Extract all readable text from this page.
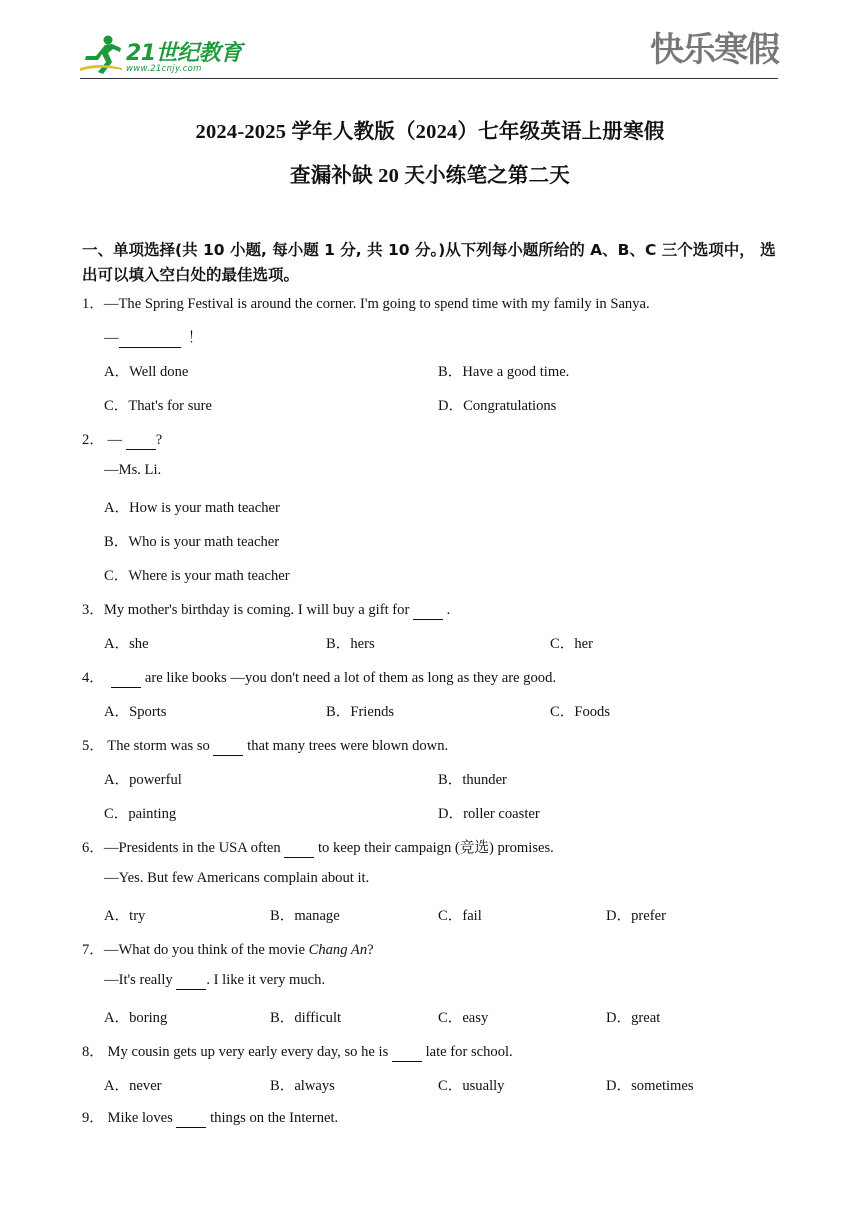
21世纪教育
www.21cnjy.com	快乐寒假
2024-2025 学年人教版（2024）七年级英语上册寒假
查漏补缺 20 天小练笔之第二天
一、单项选择(共 10 小题, 每小题 1 分, 共 10 分。)从下列每小题所给的 A、B、C 三个选项中， 选出可以填入空白处的最佳选项。
1．—The Spring Festival is around the corner. I'm going to spend time with my family in Sanya.
—	！
A．Well done	B．Have a good time.
C．That's for sure	D．Congratulations
2． — ?
—Ms. Li.
A．How is your math teacher
B．Who is your math teacher
C．Where is your math teacher
3．My mother's birthday is coming. I will buy a gift for	.
A．she	B．hers	C．her
4．	are like books —you don't need a lot of them as long as they are good.
A．Sports	B．Friends	C．Foods
5． The storm was so	that many trees were blown down.
A．powerful	B．thunder
C．painting	D．roller coaster
6．—Presidents in the USA often	to keep their campaign (竞选) promises.
—Yes. But few Americans complain about it.
A．try	B．manage	C．fail	D．prefer
7．—What do you think of the movie Chang An?
—It's really . I like it very much.
A．boring	B．difficult	C．easy	D．great
8． My cousin gets up very early every day, so he is	late for school.
A．never	B．always	C．usually	D．sometimes
9． Mike loves	things on the Internet.
